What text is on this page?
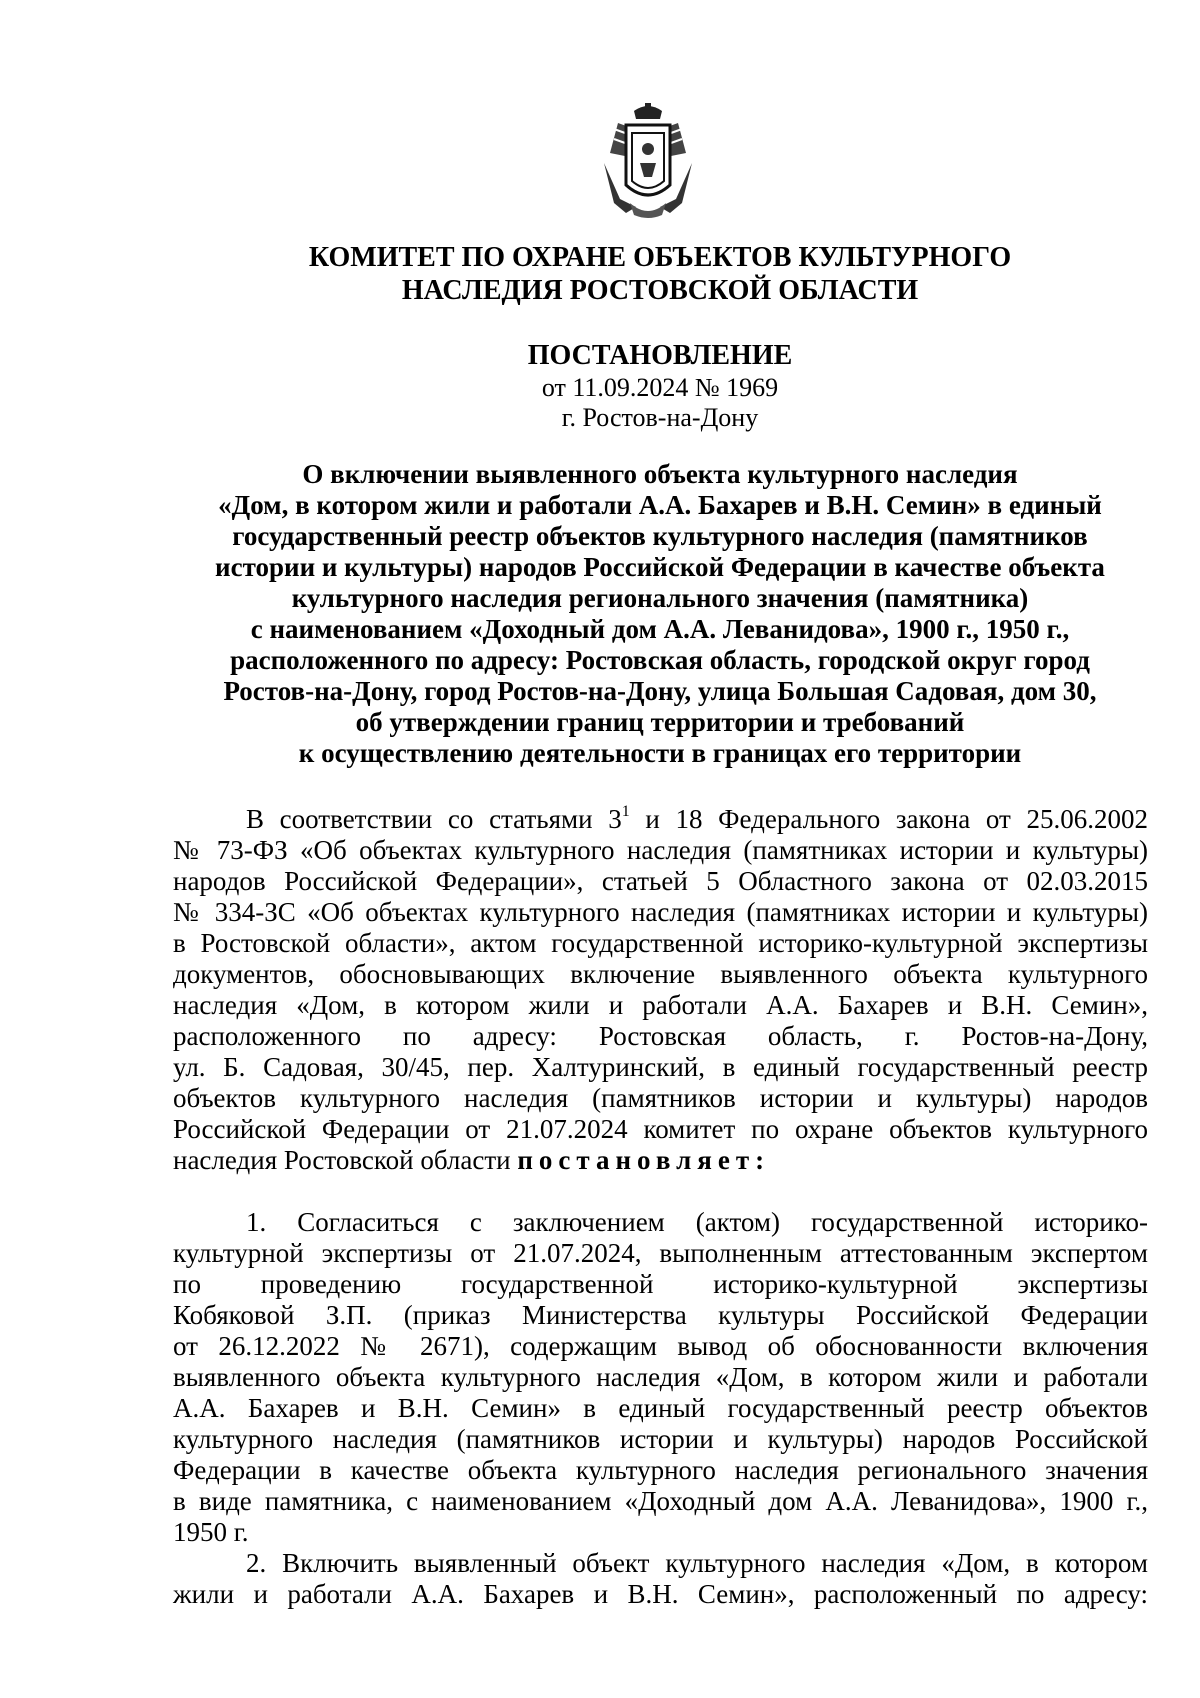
КОМИТЕТ ПО ОХРАНЕ ОБЪЕКТОВ КУЛЬТУРНОГО
НАСЛЕДИЯ РОСТОВСКОЙ ОБЛАСТИ
ПОСТАНОВЛЕНИЕ
от 11.09.2024 № 1969
г. Ростов-на-Дону
О включении выявленного объекта культурного наследия
«Дом, в котором жили и работали А.А. Бахарев и В.Н. Семин» в единый
государственный реестр объектов культурного наследия (памятников
истории и культуры) народов Российской Федерации в качестве объекта
культурного наследия регионального значения (памятника)
с наименованием «Доходный дом А.А. Леванидова», 1900 г., 1950 г.,
расположенного по адресу: Ростовская область, городской округ город
Ростов-на-Дону, город Ростов-на-Дону, улица Большая Садовая, дом 30,
об утверждении границ территории и требований
к осуществлению деятельности в границах его территории
В соответствии со статьями $3^1$ и 18 Федерального закона от 25.06.2002
№ 73-ФЗ «Об объектах культурного наследия (памятниках истории и культуры)
народов Российской Федерации», статьей 5 Областного закона от 02.03.2015
№ 334-ЗС «Об объектах культурного наследия (памятниках истории и культуры)
в Ростовской области», актом государственной историко-культурной экспертизы
документов, обосновывающих включение выявленного объекта культурного
наследия «Дом, в котором жили и работали А.А. Бахарев и В.Н. Семин»,
расположенного по адресу: Ростовская область, г. Ростов-на-Дону,
ул. Б. Садовая, 30/45, пер. Халтуринский, в единый государственный реестр
объектов культурного наследия (памятников истории и культуры) народов
Российской Федерации от 21.07.2024 комитет по охране объектов культурного
наследия Ростовской области постановляет:
1. Согласиться с заключением (актом) государственной историко-
культурной экспертизы от 21.07.2024, выполненным аттестованным экспертом
по проведению государственной историко-культурной экспертизы
Кобяковой З.П. (приказ Министерства культуры Российской Федерации
от 26.12.2022 № 2671), содержащим вывод об обоснованности включения
выявленного объекта культурного наследия «Дом, в котором жили и работали
А.А. Бахарев и В.Н. Семин» в единый государственный реестр объектов
культурного наследия (памятников истории и культуры) народов Российской
Федерации в качестве объекта культурного наследия регионального значения
в виде памятника, с наименованием «Доходный дом А.А. Леванидова», 1900 г.,
1950 г.
2. Включить выявленный объект культурного наследия «Дом, в котором
жили и работали А.А. Бахарев и В.Н. Семин», расположенный по адресу:
